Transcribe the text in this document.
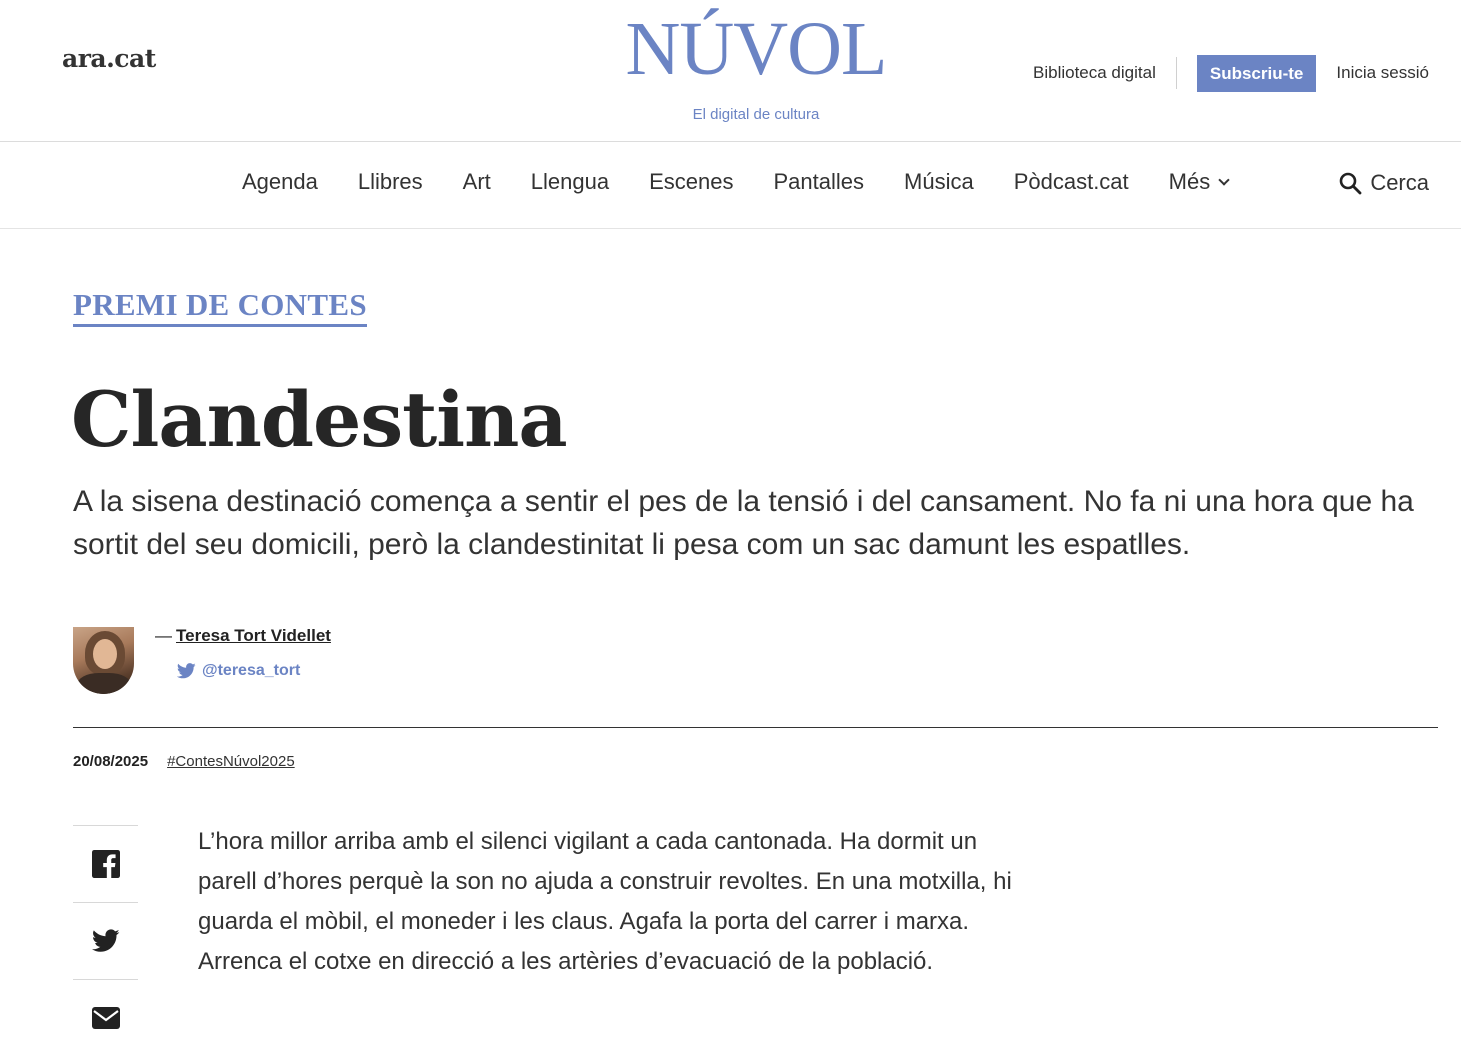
ara.cat	NÚVOL
El digital de cultura
Biblioteca digital	Subscriu-te	Inicia sessió
Agenda Llibres Art Llengua Escenes Pantalles Música Pòdcast.cat Més	Cerca
PREMI DE CONTES
Clandestina

A la sisena destinació comença a sentir el pes de la tensió i del cansament. No fa ni una hora que ha sortit del seu domicili, però la clandestinitat li pesa com un sac damunt les espatlles.

— Teresa Tort Videllet
@teresa_tort
20/08/2025 #ContesNúvol2025

L’hora millor arriba amb el silenci vigilant a cada cantonada. Ha dormit un parell d’hores perquè la son no ajuda a construir revoltes. En una motxilla, hi guarda el mòbil, el moneder i les claus. Agafa la porta del carrer i marxa. Arrenca el cotxe en direcció a les artèries d’evacuació de la població.
